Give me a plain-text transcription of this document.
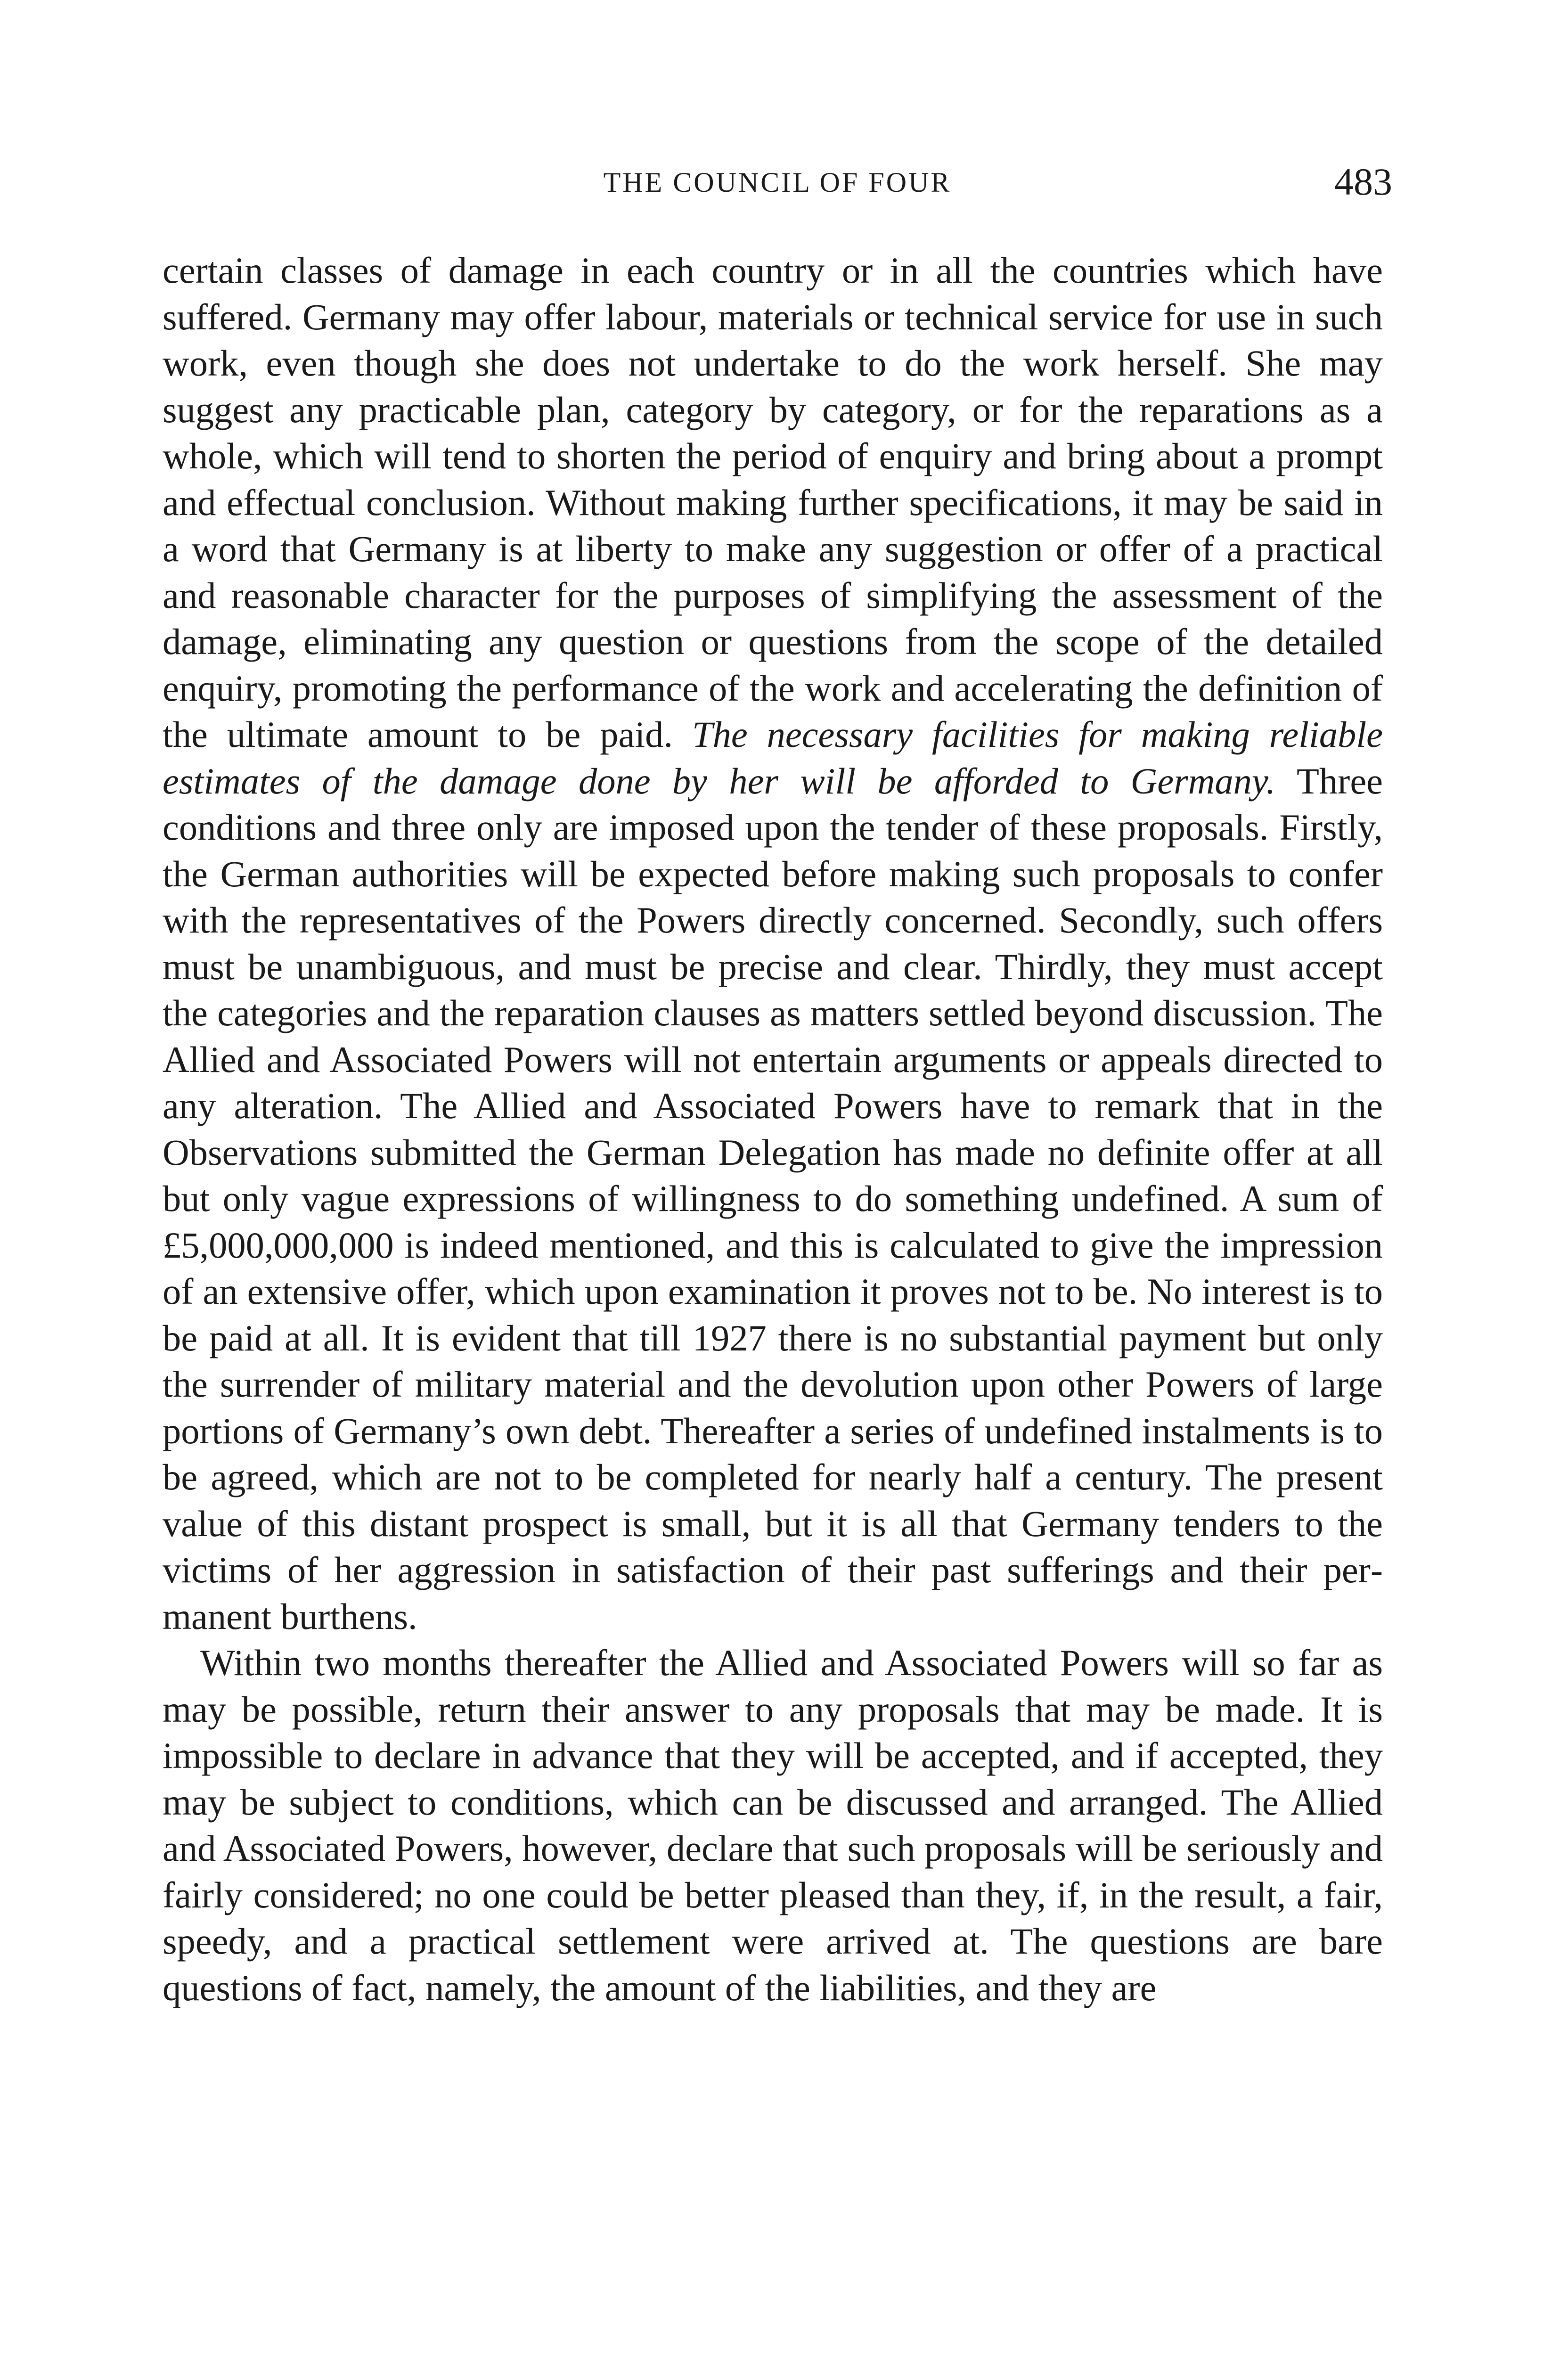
THE COUNCIL OF FOUR	483

certain classes of damage in each country or in all the countries which have suffered. Germany may offer labour, materials or technical service for use in such work, even though she does not undertake to do the work herself. She may suggest any practicable plan, category by category, or for the reparations as a whole, which will tend to shorten the period of enquiry and bring about a prompt and effectual conclusion. Without making further specifications, it may be said in a word that Germany is at liberty to make any suggestion or offer of a practical and reasonable character for the purposes of simplifying the assessment of the damage, eliminating any question or questions from the scope of the detailed enquiry, promoting the performance of the work and accelerating the definition of the ultimate amount to be paid. The necessary facilities for making reliable estimates of the damage done by her will be afforded to Germany. Three conditions and three only are imposed upon the tender of these proposals. Firstly, the German authorities will be expected before making such proposals to confer with the representatives of the Powers directly concerned. Secondly, such offers must be unambiguous, and must be precise and clear. Thirdly, they must accept the categories and the reparation clauses as matters settled beyond discussion. The Allied and Associated Powers will not entertain arguments or appeals directed to any alteration. The Allied and Associated Powers have to remark that in the Observations submitted the German Delegation has made no definite offer at all but only vague expressions of willingness to do something undefined. A sum of £5,000,000,000 is indeed mentioned, and this is calculated to give the impression of an extensive offer, which upon examination it proves not to be. No interest is to be paid at all. It is evident that till 1927 there is no substantial payment but only the surrender of military material and the devolution upon other Powers of large portions of Germany’s own debt. Thereafter a series of undefined instalments is to be agreed, which are not to be completed for nearly half a century. The present value of this distant prospect is small, but it is all that Germany tenders to the victims of her aggression in satisfaction of their past sufferings and their permanent burthens.

Within two months thereafter the Allied and Associated Powers will so far as may be possible, return their answer to any proposals that may be made. It is impossible to declare in advance that they will be accepted, and if accepted, they may be subject to conditions, which can be discussed and arranged. The Allied and Associated Powers, however, declare that such proposals will be seriously and fairly considered; no one could be better pleased than they, if, in the result, a fair, speedy, and a practical settlement were arrived at. The questions are bare questions of fact, namely, the amount of the liabilities, and they are
